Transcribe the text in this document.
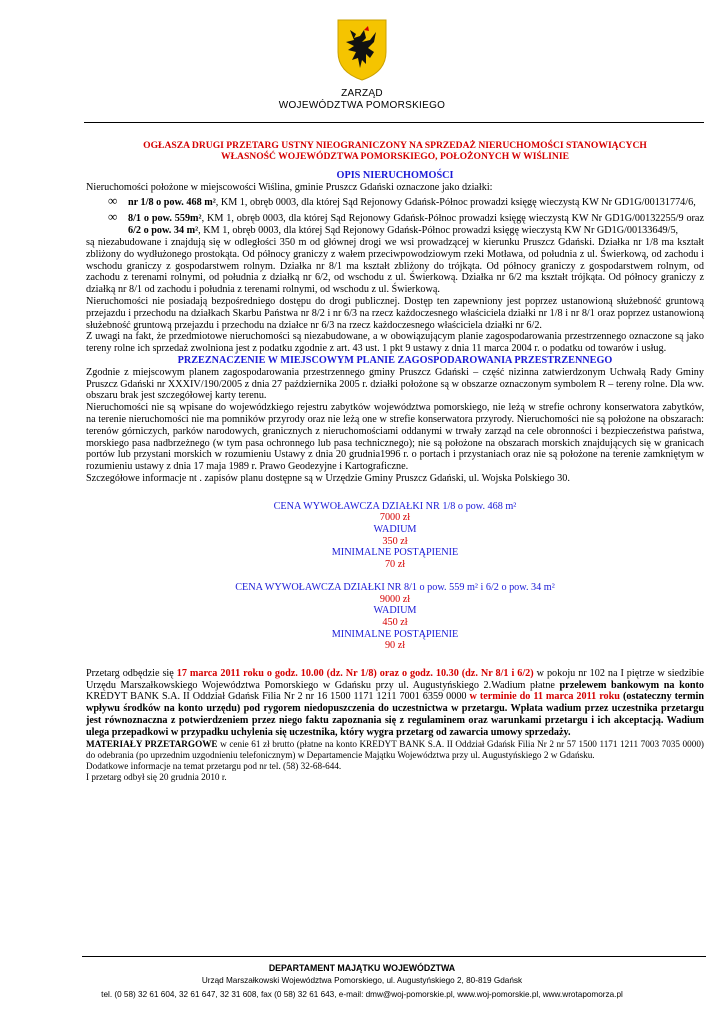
ZARZĄD
WOJEWÓDZTWA POMORSKIEGO

OGŁASZA DRUGI PRZETARG USTNY NIEOGRANICZONY NA SPRZEDAŻ NIERUCHOMOŚCI STANOWIĄCYCH

WŁASNOŚĆ WOJEWÓDZTWA POMORSKIEGO, POŁOŻONYCH W WIŚLINIE

OPIS NIERUCHOMOŚCI

Nieruchomości położone w miejscowości Wiślina, gminie Pruszcz Gdański oznaczone jako działki:

∞ nr 1/8 o pow. 468 m², KM 1, obręb 0003, dla której Sąd Rejonowy Gdańsk-Północ prowadzi księgę wieczystą KW Nr GD1G/00131774/6,

∞ 8/1 o pow. 559m², KM 1, obręb 0003, dla której Sąd Rejonowy Gdańsk-Północ prowadzi księgę wieczystą KW Nr GD1G/00132255/9 oraz 6/2 o pow. 34 m², KM 1, obręb 0003, dla której Sąd Rejonowy Gdańsk-Północ prowadzi księgę wieczystą KW Nr GD1G/00133649/5,

są niezabudowane i znajdują się w odległości 350 m od głównej drogi we wsi prowadzącej w kierunku Pruszcz Gdański. Działka nr 1/8 ma kształt zbliżony do wydłużonego prostokąta. Od północy graniczy z wałem przeciwpowodziowym rzeki Motława, od południa z ul. Świerkową, od zachodu i wschodu graniczy z gospodarstwem rolnym. Działka nr 8/1 ma kształt zbliżony do trójkąta. Od północy graniczy z gospodarstwem rolnym, od zachodu z terenami rolnymi, od południa z działką nr 6/2, od wschodu z ul. Świerkową. Działka nr 6/2 ma kształt trójkąta. Od północy graniczy z działką nr 8/1 od zachodu i południa z terenami rolnymi, od wschodu z ul. Świerkową.

Nieruchomości nie posiadają bezpośredniego dostępu do drogi publicznej. Dostęp ten zapewniony jest poprzez ustanowioną służebność gruntową przejazdu i przechodu na działkach Skarbu Państwa nr 8/2 i nr 6/3 na rzecz każdoczesnego właściciela działki nr 1/8 i nr 8/1 oraz poprzez ustanowioną służebność gruntową przejazdu i przechodu na działce nr 6/3 na rzecz każdoczesnego właściciela działki nr 6/2.

Z uwagi na fakt, że przedmiotowe nieruchomości są niezabudowane, a w obowiązującym planie zagospodarowania przestrzennego oznaczone są jako tereny rolne ich sprzedaż zwolniona jest z podatku zgodnie z art. 43 ust. 1 pkt 9 ustawy z dnia 11 marca 2004 r. o podatku od towarów i usług.

PRZEZNACZENIE W MIEJSCOWYM PLANIE ZAGOSPODAROWANIA PRZESTRZENNEGO

Zgodnie z miejscowym planem zagospodarowania przestrzennego gminy Pruszcz Gdański – część nizinna zatwierdzonym Uchwałą Rady Gminy Pruszcz Gdański nr XXXIV/190/2005 z dnia 27 października 2005 r. działki położone są w obszarze oznaczonym symbolem R – tereny rolne. Dla ww. obszaru brak jest szczegółowej karty terenu.

Nieruchomości nie są wpisane do wojewódzkiego rejestru zabytków województwa pomorskiego, nie leżą w strefie ochrony konserwatora zabytków, na terenie nieruchomości nie ma pomników przyrody oraz nie leżą one w strefie konserwatora przyrody. Nieruchomości nie są położone na obszarach: terenów górniczych, parków narodowych, granicznych z nieruchomościami oddanymi w trwały zarząd na cele obronności i bezpieczeństwa państwa, morskiego pasa nadbrzeżnego (w tym pasa ochronnego lub pasa technicznego); nie są położone na obszarach morskich znajdujących się w granicach portów lub przystani morskich w rozumieniu Ustawy z dnia 20 grudnia1996 r. o portach i przystaniach oraz nie są położone na terenie zamkniętym w rozumieniu ustawy z dnia 17 maja 1989 r. Prawo Geodezyjne i Kartograficzne.

Szczegółowe informacje nt . zapisów planu dostępne są w Urzędzie Gminy Pruszcz Gdański, ul. Wojska Polskiego 30.

CENA WYWOŁAWCZA DZIAŁKI NR 1/8 o pow. 468 m²

7000 zł

WADIUM

350 zł

MINIMALNE POSTĄPIENIE

70 zł

CENA WYWOŁAWCZA DZIAŁKI NR 8/1 o pow. 559 m² i 6/2 o pow. 34 m²

9000 zł

WADIUM

450 zł

MINIMALNE POSTĄPIENIE

90 zł

Przetarg odbędzie się 17 marca 2011 roku o godz. 10.00 (dz. Nr 1/8) oraz o godz. 10.30 (dz. Nr 8/1 i 6/2) w pokoju nr 102 na I piętrze w siedzibie Urzędu Marszałkowskiego Województwa Pomorskiego w Gdańsku przy ul. Augustyńskiego 2.Wadium płatne przelewem bankowym na konto KREDYT BANK S.A. II Oddział Gdańsk Filia Nr 2 nr 16 1500 1171 1211 7001 6359 0000 w terminie do 11 marca 2011 roku (ostateczny termin wpływu środków na konto urzędu) pod rygorem niedopuszczenia do uczestnictwa w przetargu. Wpłata wadium przez uczestnika przetargu jest równoznaczna z potwierdzeniem przez niego faktu zapoznania się z regulaminem oraz warunkami przetargu i ich akceptacją. Wadium ulega przepadkowi w przypadku uchylenia się uczestnika, który wygra przetarg od zawarcia umowy sprzedaży.

MATERIAŁY PRZETARGOWE w cenie 61 zł brutto (płatne na konto KREDYT BANK S.A. II Oddział Gdańsk Filia Nr 2 nr 57 1500 1171 1211 7003 7035 0000) do odebrania (po uprzednim uzgodnieniu telefonicznym) w Departamencie Majątku Województwa przy ul. Augustyńskiego 2 w Gdańsku.

Dodatkowe informacje na temat przetargu pod nr tel. (58) 32-68-644.

I przetarg odbył się 20 grudnia 2010 r.

DEPARTAMENT MAJĄTKU WOJEWÓDZTWA
Urząd Marszałkowski Województwa Pomorskiego, ul. Augustyńskiego 2, 80-819 Gdańsk
tel. (0 58) 32 61 604, 32 61 647, 32 31 608, fax (0 58) 32 61 643, e-mail: dmw@woj-pomorskie.pl, www.woj-pomorskie.pl, www.wrotapomorza.pl
